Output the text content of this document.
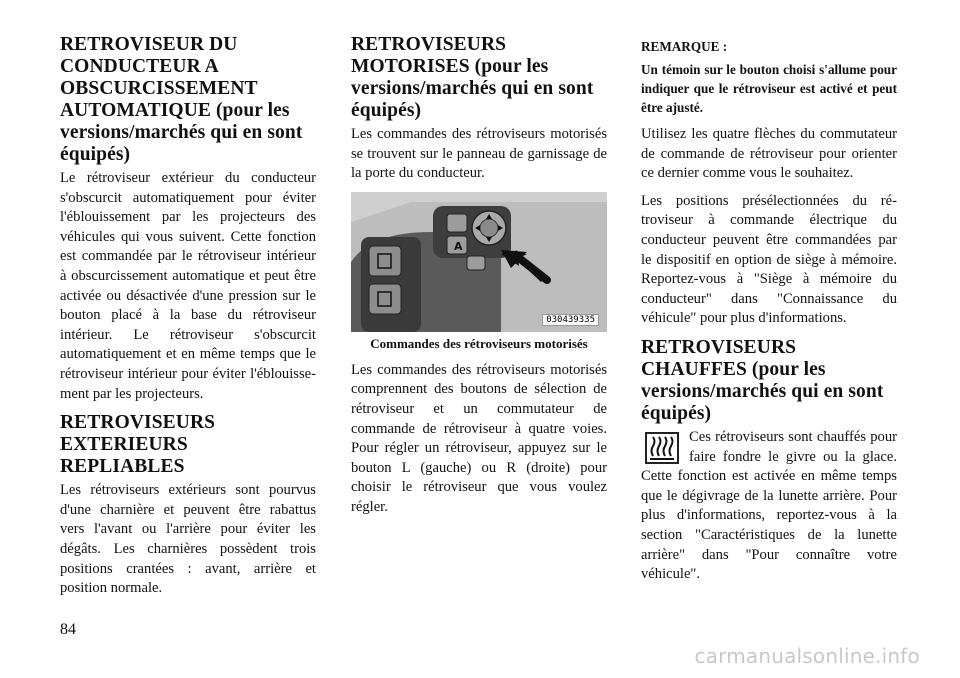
RETROVISEUR DU CONDUCTEUR A OBSCURCISSEMENT AUTOMATIQUE (pour les versions/marchés qui en sont équipés)

Le rétroviseur extérieur du conducteur s'obscurcit automatiquement pour éviter l'éblouissement par les projecteurs des véhicules qui vous suivent. Cette fonction est commandée par le rétroviseur intérieur à obscurcissement automatique et peut être activée ou désactivée d'une pression sur le bouton placé à la base du rétroviseur intérieur. Le rétroviseur s'obscurcit automatiquement et en même temps que le rétroviseur intérieur pour éviter l'éblouissement par les projecteurs.

RETROVISEURS EXTERIEURS REPLIABLES

Les rétroviseurs extérieurs sont pourvus d'une charnière et peuvent être rabattus vers l'avant ou l'arrière pour éviter les dégâts. Les charnières possèdent trois positions crantées : avant, arrière et position normale.

RETROVISEURS MOTORISES (pour les versions/marchés qui en sont équipés)

Les commandes des rétroviseurs motorisés se trouvent sur le panneau de garnissage de la porte du conducteur.

A
030439335
Commandes des rétroviseurs motorisés

Les commandes des rétroviseurs motorisés comprennent des boutons de sélection de rétroviseur et un commutateur de commande de rétroviseur à quatre voies. Pour régler un rétroviseur, appuyez sur le bouton L (gauche) ou R (droite) pour choisir le rétroviseur que vous voulez régler.

REMARQUE :
Un témoin sur le bouton choisi s'allume pour indiquer que le rétroviseur est activé et peut être ajusté.

Utilisez les quatre flèches du commutateur de commande de rétroviseur pour orienter ce dernier comme vous le souhaitez.

Les positions présélectionnées du rétroviseur à commande électrique du conducteur peuvent être commandées par le dispositif en option de siège à mémoire. Reportez-vous à "Siège à mémoire du conducteur" dans "Connaissance du véhicule" pour plus d'informations.

RETROVISEURS CHAUFFES (pour les versions/marchés qui en sont équipés)

Ces rétroviseurs sont chauffés pour faire fondre le givre ou la glace. Cette fonction est activée en même temps que le dégivrage de la lunette arrière. Pour plus d'informations, reportez-vous à la section "Caractéristiques de la lunette arrière" dans "Pour connaître votre véhicule".

84
carmanualsonline.info
